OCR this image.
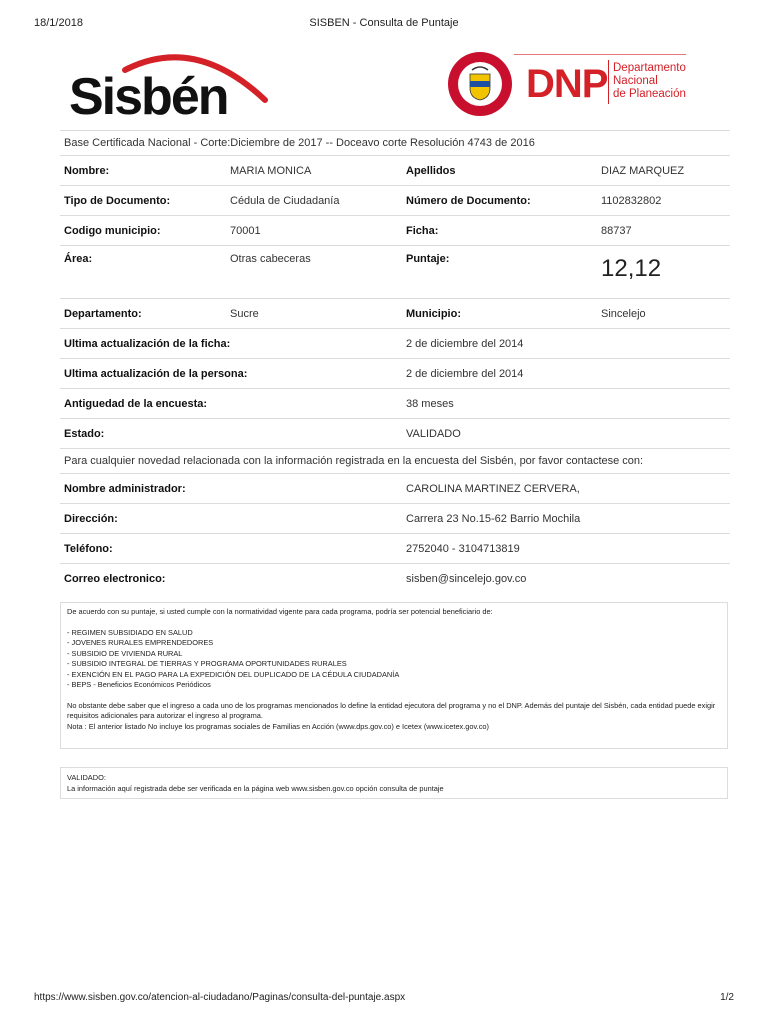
18/1/2018	SISBEN - Consulta de Puntaje
Sisbén	DNP Departamento
Nacional
de Planeación
Base Certificada Nacional - Corte:Diciembre de 2017 -- Doceavo corte Resolución 4743 de 2016			
Nombre:	MARIA MONICA	Apellidos	DIAZ MARQUEZ
Tipo de Documento:	Cédula de Ciudadanía	Número de Documento:	1102832802
Codigo municipio:	70001	Ficha:	88737
Área:	Otras cabeceras	Puntaje:	12,12

Departamento:	Sucre	Municipio:	Sincelejo
Ultima actualización de la ficha:		2 de diciembre del 2014	
Ultima actualización de la persona:		2 de diciembre del 2014	
Antiguedad de la encuesta:		38 meses	
Estado:		VALIDADO	
Para cualquier novedad relacionada con la información registrada en la encuesta del Sisbén, por favor contactese con:			
Nombre administrador:		CAROLINA MARTINEZ CERVERA,	
Dirección:		Carrera 23 No.15-62 Barrio Mochila	
Teléfono:		2752040 - 3104713819	
Correo electronico:		sisben@sincelejo.gov.co	

De acuerdo con su puntaje, si usted cumple con la normatividad vigente para cada programa, podría ser potencial beneficiario de:

- REGIMEN SUBSIDIADO EN SALUD

- JOVENES RURALES EMPRENDEDORES

- SUBSIDIO DE VIVIENDA RURAL

- SUBSIDIO INTEGRAL DE TIERRAS Y PROGRAMA OPORTUNIDADES RURALES

- EXENCIÓN EN EL PAGO PARA LA EXPEDICIÓN DEL DUPLICADO DE LA CÉDULA CIUDADANÍA

- BEPS - Beneficios Económicos Periódicos

No obstante debe saber que el ingreso a cada uno de los programas mencionados lo define la entidad ejecutora del programa y no el DNP. Además del puntaje del Sisbén, cada entidad puede exigir requisitos adicionales para autorizar el ingreso al programa.

Nota : El anterior listado No incluye los programas sociales de Familias en Acción (www.dps.gov.co) e Icetex (www.icetex.gov.co)

VALIDADO:

La información aquí registrada debe ser verificada en la página web www.sisben.gov.co opción consulta de puntaje

https://www.sisben.gov.co/atencion-al-ciudadano/Paginas/consulta-del-puntaje.aspx	1/2
